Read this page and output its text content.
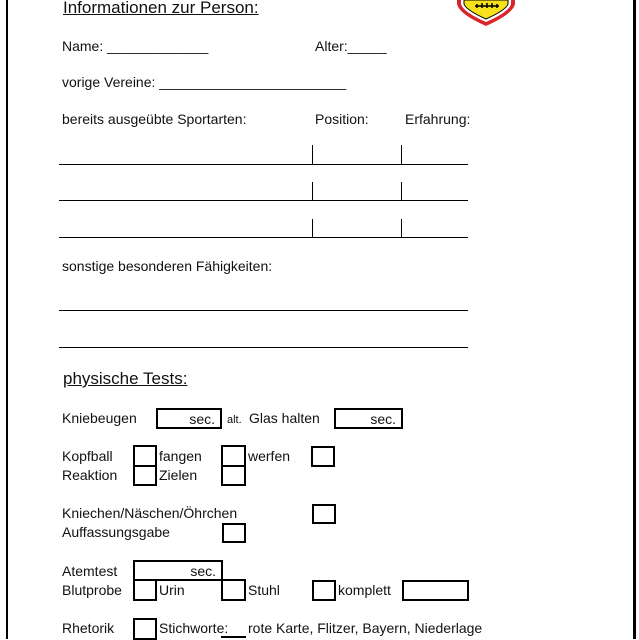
Informationen zur Person:
Name: _____________	Alter:_____
vorige Vereine: ________________________
bereits ausgeübte Sportarten:	Position:	Erfahrung:
sonstige besonderen Fähigkeiten:
physische Tests:
Kniebeugen	sec. alt. Glas halten	sec.
Kopfball	fangen	werfen
Reaktion	Zielen
Kniechen/Näschen/Öhrchen
Auffassungsgabe
Atemtest	sec.
Blutprobe	Urin	Stuhl	komplett
Rhetorik	Stichworte: rote Karte, Flitzer, Bayern, Niederlage
